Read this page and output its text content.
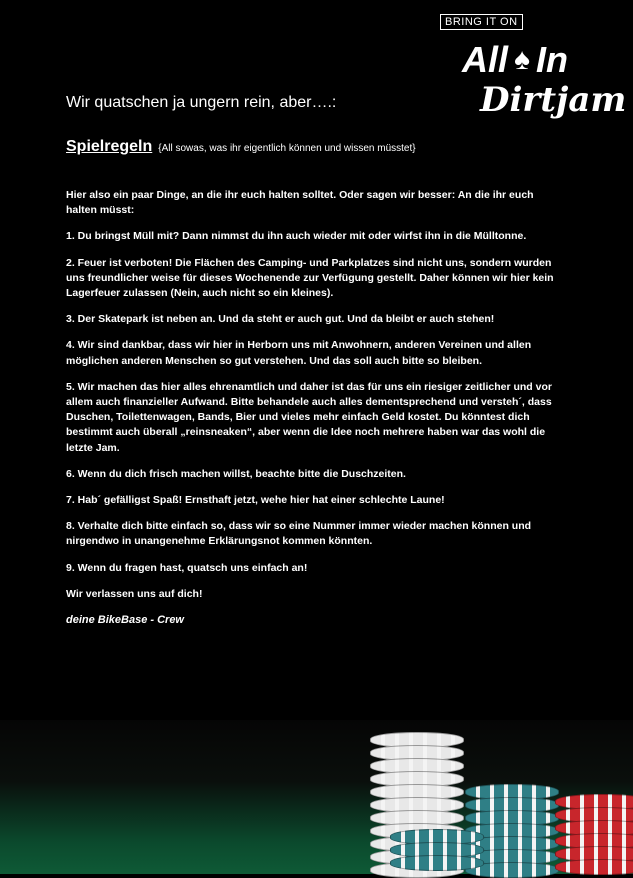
BRING IT ON
All ♠ In
Dirtjam
Wir quatschen ja ungern rein, aber….:
Spielregeln {All sowas, was ihr eigentlich können und wissen müsstet}

Hier also ein paar Dinge, an die ihr euch halten solltet. Oder sagen wir besser: An die ihr euch halten müsst:

1. Du bringst Müll mit? Dann nimmst du ihn auch wieder mit oder wirfst ihn in die Mülltonne.

2. Feuer ist verboten! Die Flächen des Camping- und Parkplatzes sind nicht uns, sondern wurden uns freundlicher weise für dieses Wochenende zur Verfügung gestellt. Daher können wir hier kein Lagerfeuer zulassen (Nein, auch nicht so ein kleines).

3. Der Skatepark ist neben an. Und da steht er auch gut. Und da bleibt er auch stehen!

4. Wir sind dankbar, dass wir hier in Herborn uns mit Anwohnern, anderen Vereinen und allen möglichen anderen Menschen so gut verstehen. Und das soll auch bitte so bleiben.

5. Wir machen das hier alles ehrenamtlich und daher ist das für uns ein riesiger zeitlicher und vor allem auch finanzieller Aufwand. Bitte behandele auch alles dementsprechend und versteh´, dass Duschen, Toilettenwagen, Bands, Bier und vieles mehr einfach Geld kostet. Du könntest dich bestimmt auch überall „reinsneaken“, aber wenn die Idee noch mehrere haben war das wohl die letzte Jam.

6. Wenn du dich frisch machen willst, beachte bitte die Duschzeiten.

7. Hab´ gefälligst Spaß! Ernsthaft jetzt, wehe hier hat einer schlechte Laune!

8. Verhalte dich bitte einfach so, dass wir so eine Nummer immer wieder machen können und nirgendwo in unangenehme Erklärungsnot kommen könnten.

9. Wenn du fragen hast, quatsch uns einfach an!

Wir verlassen uns auf dich!

deine BikeBase - Crew
